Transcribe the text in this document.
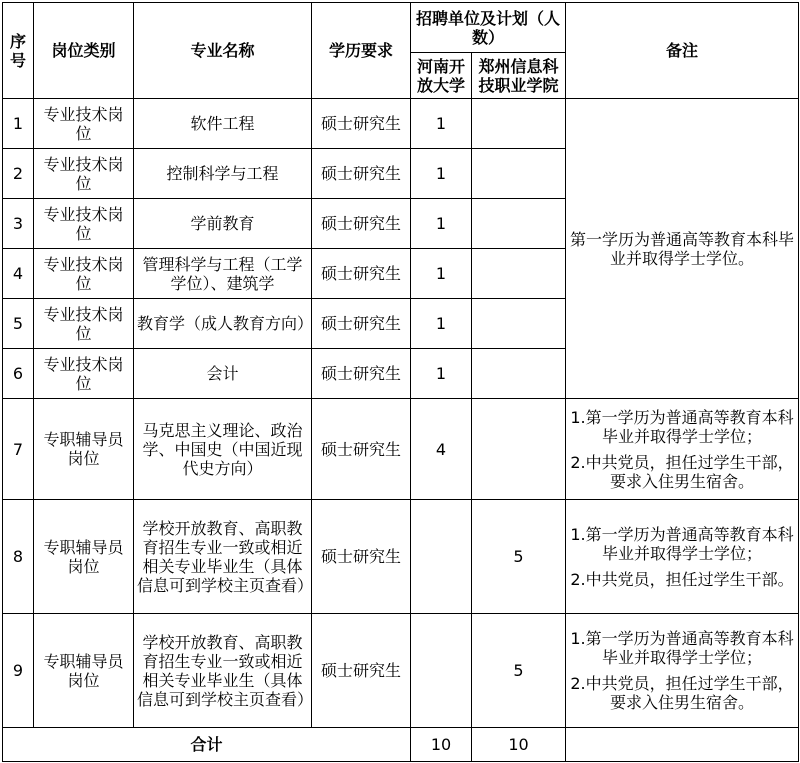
序号	岗位类别	专业名称	学历要求	招聘单位及计划（人数）		备注
				河南开放大学	郑州信息科技职业学院	
1	专业技术岗位	软件工程	硕士研究生	1		第一学历为普通高等教育本科毕业并取得学士学位。
2	专业技术岗位	控制科学与工程	硕士研究生	1		
3	专业技术岗位	学前教育	硕士研究生	1		
4	专业技术岗位	管理科学与工程（工学学位）、建筑学	硕士研究生	1		
5	专业技术岗位	教育学（成人教育方向）	硕士研究生	1		
6	专业技术岗位	会计	硕士研究生	1		
7	专职辅导员岗位	马克思主义理论、政治学、中国史（中国近现代史方向）	硕士研究生	4		1.第一学历为普通高等教育本科毕业并取得学士学位；

2.中共党员，担任过学生干部，要求入住男生宿舍。

8	专职辅导员岗位	学校开放教育、高职教育招生专业一致或相近相关专业毕业生（具体信息可到学校主页查看）	硕士研究生		5	1.第一学历为普通高等教育本科毕业并取得学士学位；

2.中共党员，担任过学生干部。

9	专职辅导员岗位	学校开放教育、高职教育招生专业一致或相近相关专业毕业生（具体信息可到学校主页查看）	硕士研究生		5	1.第一学历为普通高等教育本科毕业并取得学士学位；

2.中共党员，担任过学生干部，要求入住男生宿舍。

合计				10	10	
